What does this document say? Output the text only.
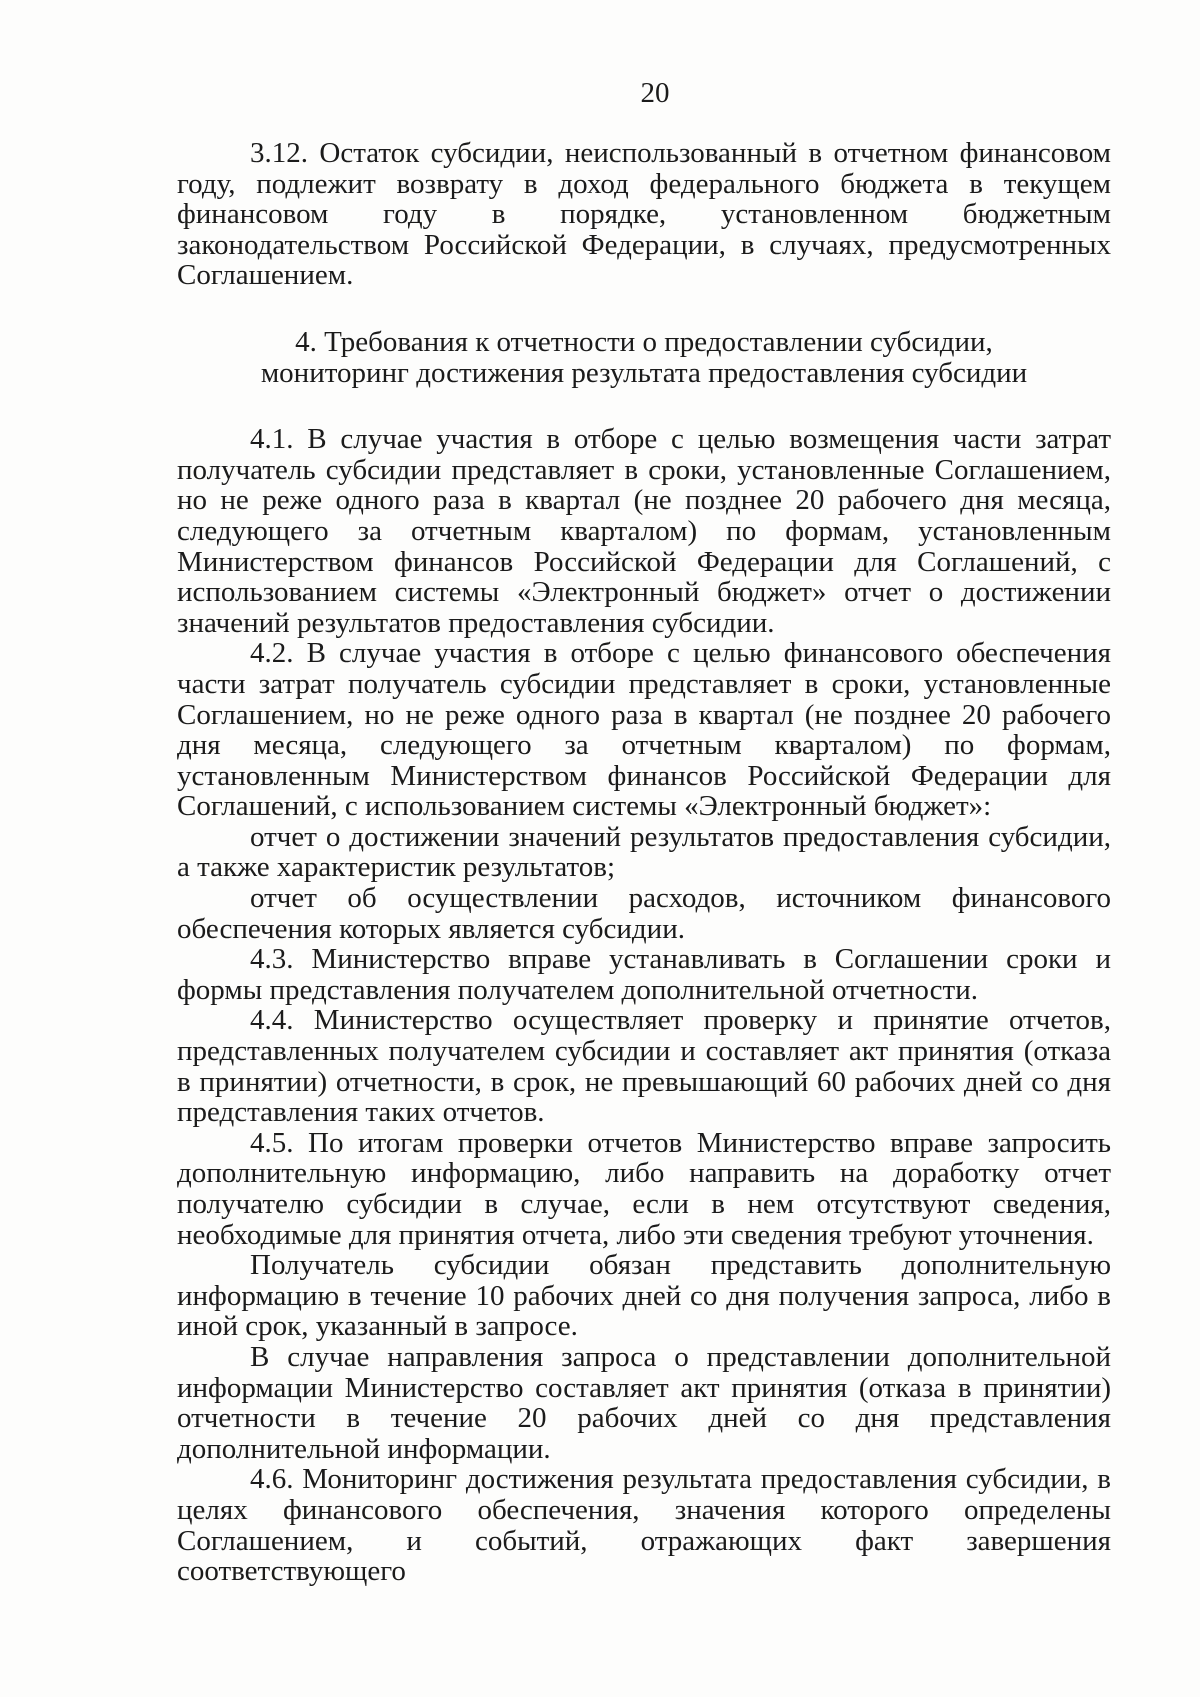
20

3.12. Остаток субсидии, неиспользованный в отчетном финансовом году, подлежит возврату в доход федерального бюджета в текущем финансовом году в порядке, установленном бюджетным законодательством Российской Федерации, в случаях, предусмотренных Соглашением.

4. Требования к отчетности о предоставлении субсидии,
мониторинг достижения результата предоставления субсидии

4.1. В случае участия в отборе с целью возмещения части затрат получатель субсидии представляет в сроки, установленные Соглашением, но не реже одного раза в квартал (не позднее 20 рабочего дня месяца, следующего за отчетным кварталом) по формам, установленным Министерством финансов Российской Федерации для Соглашений, с использованием системы «Электронный бюджет» отчет о достижении значений результатов предоставления субсидии.

4.2. В случае участия в отборе с целью финансового обеспечения части затрат получатель субсидии представляет в сроки, установленные Соглашением, но не реже одного раза в квартал (не позднее 20 рабочего дня месяца, следующего за отчетным кварталом) по формам, установленным Министерством финансов Российской Федерации для Соглашений, с использованием системы «Электронный бюджет»:

отчет о достижении значений результатов предоставления субсидии, а также характеристик результатов;

отчет об осуществлении расходов, источником финансового обеспечения которых является субсидии.

4.3. Министерство вправе устанавливать в Соглашении сроки и формы представления получателем дополнительной отчетности.

4.4. Министерство осуществляет проверку и принятие отчетов, представленных получателем субсидии и составляет акт принятия (отказа в принятии) отчетности, в срок, не превышающий 60 рабочих дней со дня представления таких отчетов.

4.5. По итогам проверки отчетов Министерство вправе запросить дополнительную информацию, либо направить на доработку отчет получателю субсидии в случае, если в нем отсутствуют сведения, необходимые для принятия отчета, либо эти сведения требуют уточнения.

Получатель субсидии обязан представить дополнительную информацию в течение 10 рабочих дней со дня получения запроса, либо в иной срок, указанный в запросе.

В случае направления запроса о представлении дополнительной информации Министерство составляет акт принятия (отказа в принятии) отчетности в течение 20 рабочих дней со дня представления дополнительной информации.

4.6. Мониторинг достижения результата предоставления субсидии, в целях финансового обеспечения, значения которого определены Соглашением, и событий, отражающих факт завершения соответствующего
